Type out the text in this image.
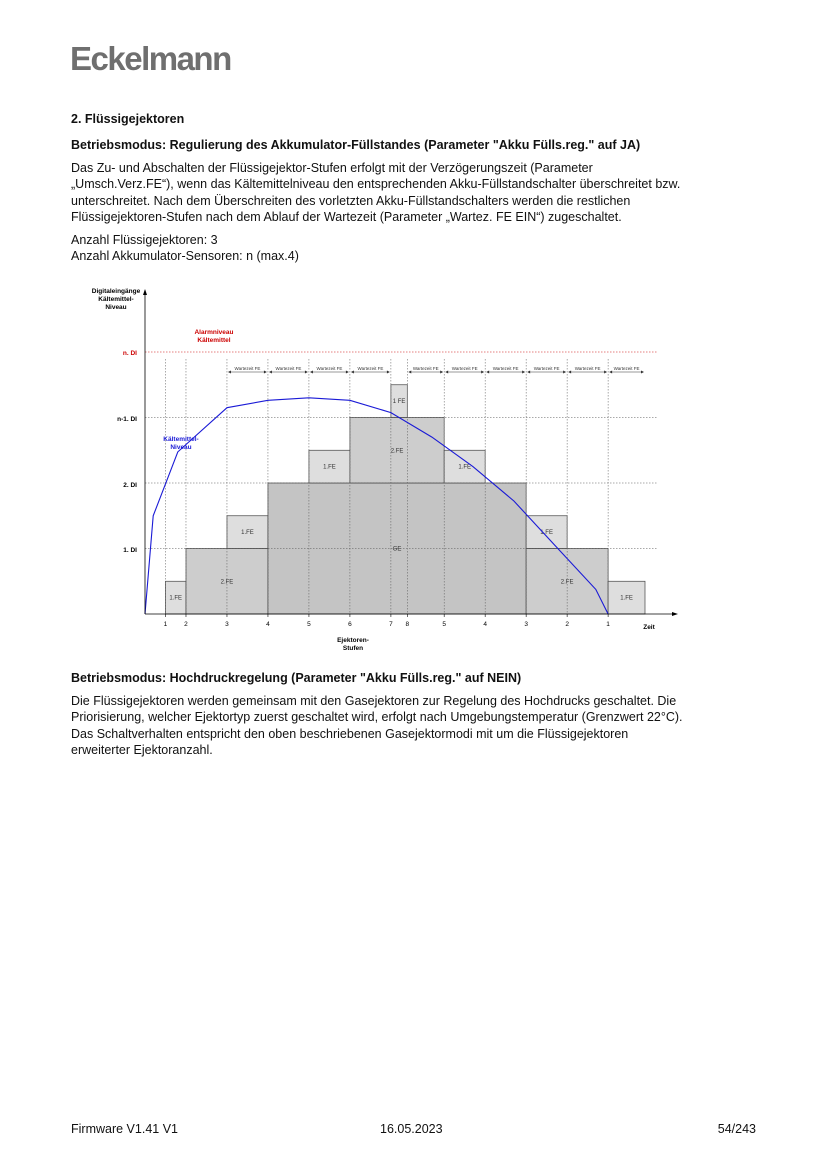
Eckelmann
2. Flüssigejektoren
Betriebsmodus: Regulierung des Akkumulator-Füllstandes (Parameter "Akku Fülls.reg." auf JA)
Das Zu- und Abschalten der Flüssigejektor-Stufen erfolgt mit der Verzögerungszeit (Parameter
„Umsch.Verz.FE“), wenn das Kältemittelniveau den entsprechenden Akku-Füllstandschalter überschreitet bzw.
unterschreitet. Nach dem Überschreiten des vorletzten Akku-Füllstandschalters werden die restlichen
Flüssigejektoren-Stufen nach dem Ablauf der Wartezeit (Parameter „Wartez. FE EIN“) zugeschaltet.
Anzahl Flüssigejektoren: 3
Anzahl Akkumulator-Sensoren: n (max.4)
Digitaleingänge
Kältemittel-
Niveau
1.FE
2.FE
1.FE
GE
1.FE
2.FE
1 FE
1.FE
1.FE
2.FE
1.FE
Wartezeit FE	Wartezeit FE	Wartezeit FE	Wartezeit FE	Wartezeit FE	Wartezeit FE	Wartezeit FE	Wartezeit FE	Wartezeit FE	Wartezeit FE
n. DI
n-1. DI
2. DI
1. DI
Alarmniveau
Kältemittel
Kältemittel-
Niveau
1	2	3	4	5	6	7 8	5	4	3	2	1	Zeit
Ejektoren-
Stufen
Betriebsmodus: Hochdruckregelung (Parameter "Akku Fülls.reg." auf NEIN)
Die Flüssigejektoren werden gemeinsam mit den Gasejektoren zur Regelung des Hochdrucks geschaltet. Die
Priorisierung, welcher Ejektortyp zuerst geschaltet wird, erfolgt nach Umgebungstemperatur (Grenzwert 22°C).
Das Schaltverhalten entspricht den oben beschriebenen Gasejektormodi mit um die Flüssigejektoren
erweiterter Ejektoranzahl.
Firmware V1.41 V1	16.05.2023	54/243
